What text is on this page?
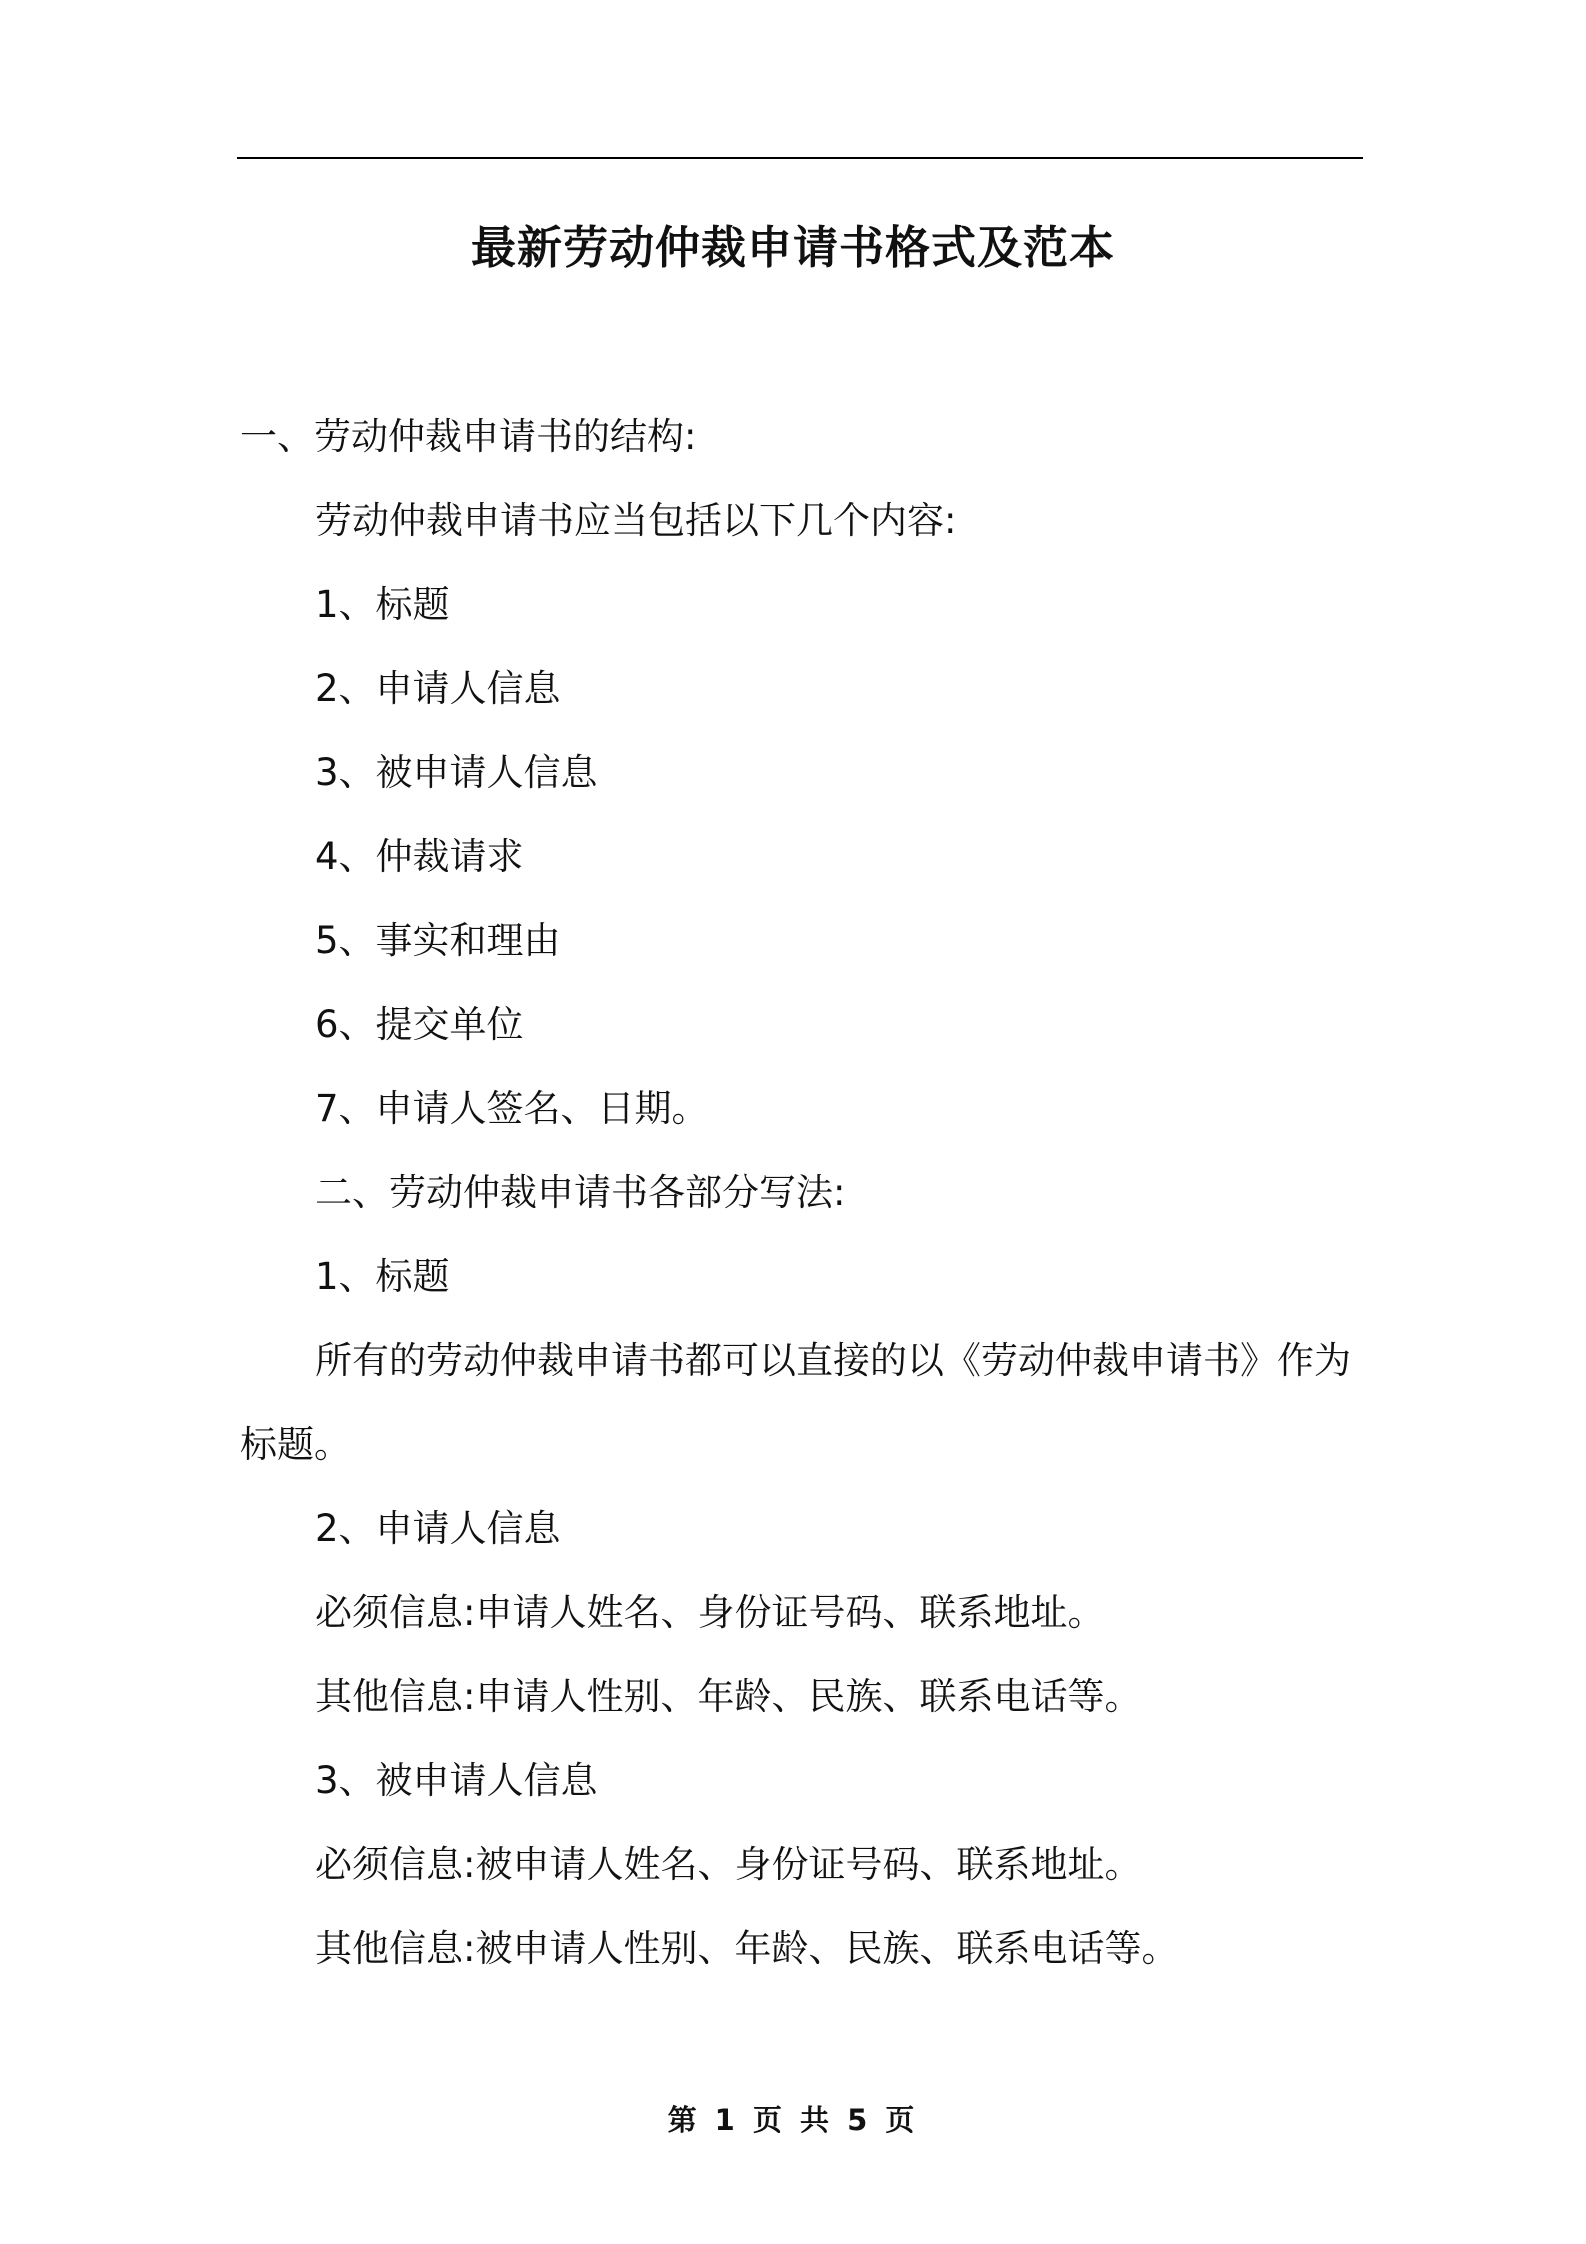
最新劳动仲裁申请书格式及范本
一、劳动仲裁申请书的结构:
劳动仲裁申请书应当包括以下几个内容:
1、标题
2、申请人信息
3、被申请人信息
4、仲裁请求
5、事实和理由
6、提交单位
7、申请人签名、日期。
二、劳动仲裁申请书各部分写法:
1、标题
所有的劳动仲裁申请书都可以直接的以《劳动仲裁申请书》作为
标题。
2、申请人信息
必须信息:申请人姓名、身份证号码、联系地址。
其他信息:申请人性别、年龄、民族、联系电话等。
3、被申请人信息
必须信息:被申请人姓名、身份证号码、联系地址。
其他信息:被申请人性别、年龄、民族、联系电话等。
第 1 页 共 5 页
